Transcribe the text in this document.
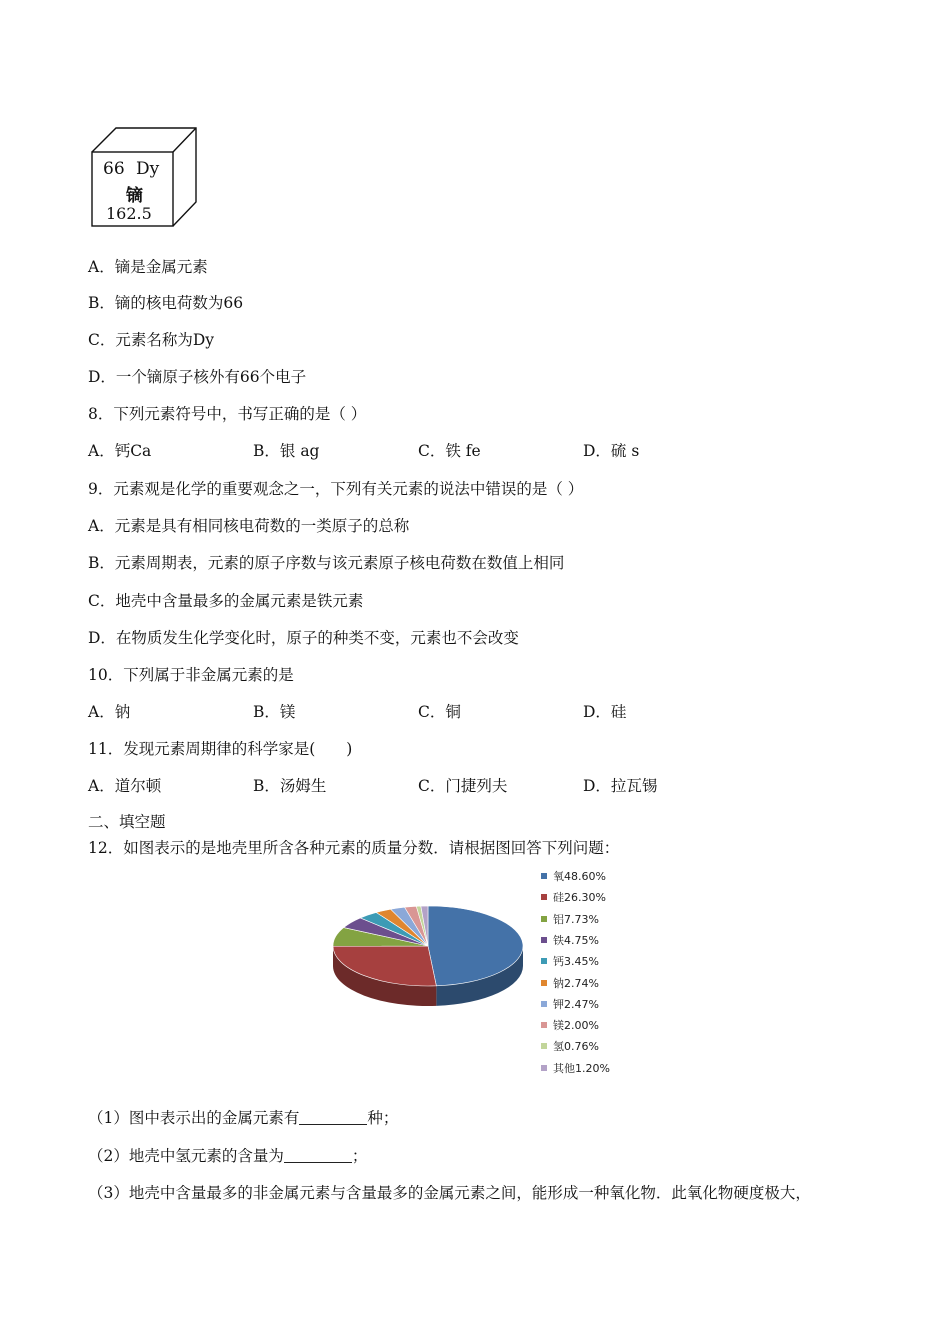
66 Dy
镝
162.5
A．镝是金属元素
B．镝的核电荷数为66
C．元素名称为Dy
D．一个镝原子核外有66个电子
8．下列元素符号中，书写正确的是（ ）
A．钙Ca	B．银 ag	C．铁 fe	D．硫 s
9．元素观是化学的重要观念之一，下列有关元素的说法中错误的是（ ）
A．元素是具有相同核电荷数的一类原子的总称
B．元素周期表，元素的原子序数与该元素原子核电荷数在数值上相同
C．地壳中含量最多的金属元素是铁元素
D．在物质发生化学变化时，原子的种类不变，元素也不会改变
10．下列属于非金属元素的是
A．钠	B．镁	C．铜	D．硅
11．发现元素周期律的科学家是(　　)
A．道尔顿	B．汤姆生	C．门捷列夫	D．拉瓦锡
二、填空题
12．如图表示的是地壳里所含各种元素的质量分数．请根据图回答下列问题：
氧48.60%
硅26.30%
铝7.73%
铁4.75%
钙3.45%
钠2.74%
钾2.47%
镁2.00%
氢0.76%
其他1.20%
（1）图中表示出的金属元素有	种；
（2）地壳中氢元素的含量为	；
（3）地壳中含量最多的非金属元素与含量最多的金属元素之间，能形成一种氧化物．此氧化物硬度极大，
